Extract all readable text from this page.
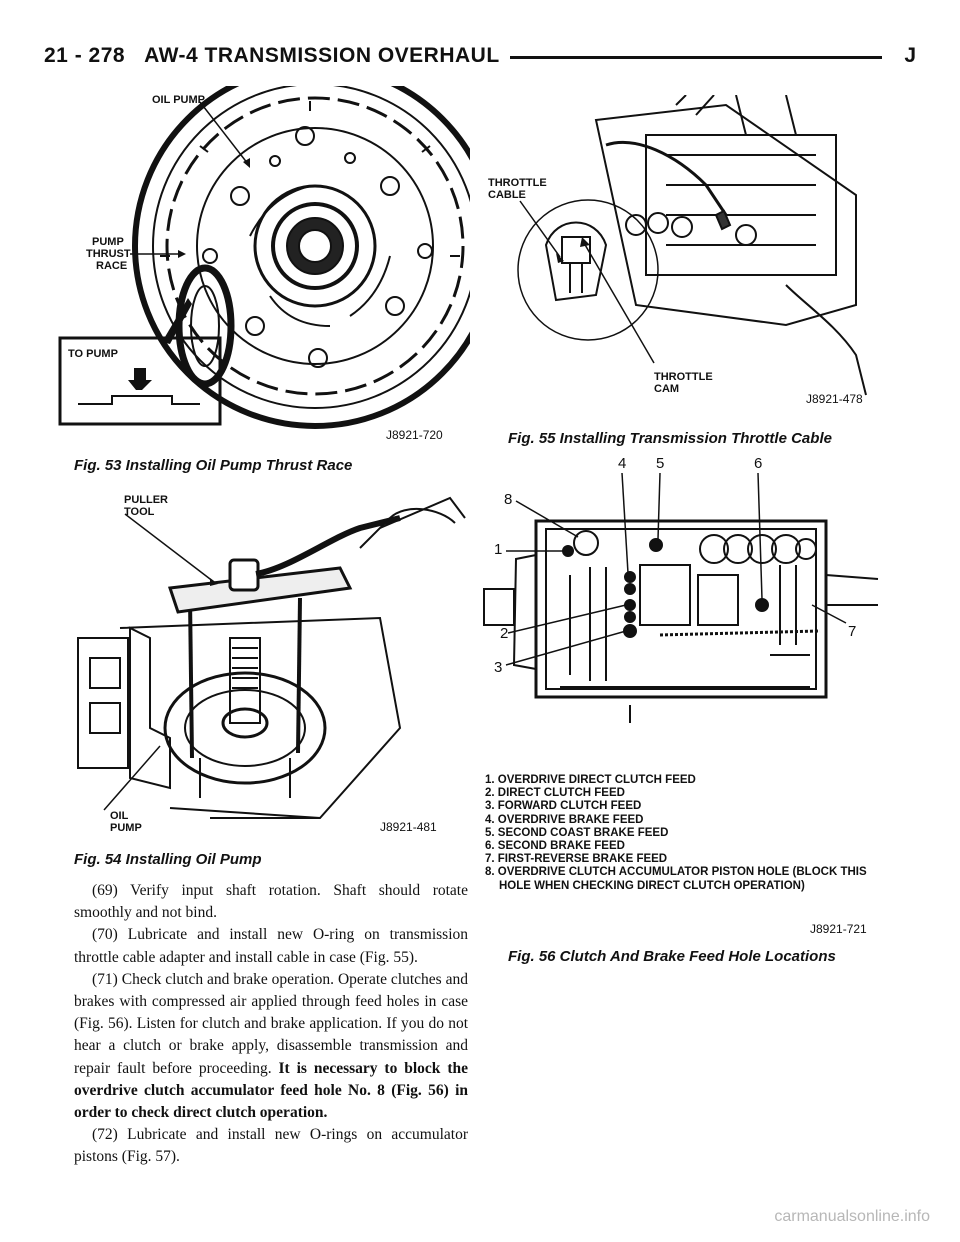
21 - 278 AW-4 TRANSMISSION OVERHAUL	J
OIL PUMP
PUMP
THRUST
RACE
TO PUMP
J8921-720
Fig. 53 Installing Oil Pump Thrust Race
PULLER
TOOL
OIL
PUMP	J8921-481
Fig. 54 Installing Oil Pump
THROTTLE
CABLE
THROTTLE
CAM
J8921-478
Fig. 55 Installing Transmission Throttle Cable
4 5	6
8
1
2
3
7
1. OVERDRIVE DIRECT CLUTCH FEED
2. DIRECT CLUTCH FEED
3. FORWARD CLUTCH FEED
4. OVERDRIVE BRAKE FEED
5. SECOND COAST BRAKE FEED
6. SECOND BRAKE FEED
7. FIRST-REVERSE BRAKE FEED
8. OVERDRIVE CLUTCH ACCUMULATOR PISTON HOLE (BLOCK THIS
HOLE WHEN CHECKING DIRECT CLUTCH OPERATION)
J8921-721
Fig. 56 Clutch And Brake Feed Hole Locations

(69) Verify input shaft rotation. Shaft should rotate smoothly and not bind.

(70) Lubricate and install new O-ring on transmission throttle cable adapter and install cable in case (Fig. 55).

(71) Check clutch and brake operation. Operate clutches and brakes with compressed air applied through feed holes in case (Fig. 56). Listen for clutch and brake application. If you do not hear a clutch or brake apply, disassemble transmission and repair fault before proceeding. It is necessary to block the overdrive clutch accumulator feed hole No. 8 (Fig. 56) in order to check direct clutch operation.

(72) Lubricate and install new O-rings on accumulator pistons (Fig. 57).

carmanualsonline.info
